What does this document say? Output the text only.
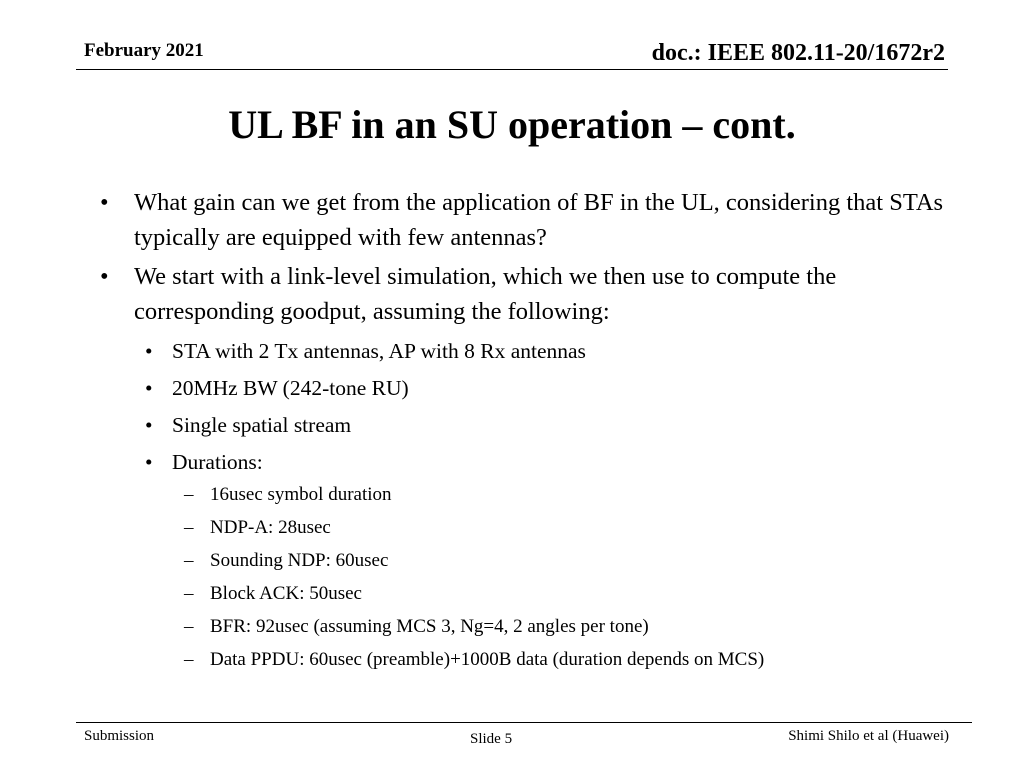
February 2021	doc.: IEEE 802.11-20/1672r2
UL BF in an SU operation – cont.
• What gain can we get from the application of BF in the UL, considering that STAs typically are equipped with few antennas?
• We start with a link-level simulation, which we then use to compute the corresponding goodput, assuming the following:
• STA with 2 Tx antennas, AP with 8 Rx antennas
• 20MHz BW (242-tone RU)
• Single spatial stream
• Durations:
– 16usec symbol duration
– NDP-A: 28usec
– Sounding NDP: 60usec
– Block ACK: 50usec
– BFR: 92usec (assuming MCS 3, Ng=4, 2 angles per tone)
– Data PPDU: 60usec (preamble)+1000B data (duration depends on MCS)
Submission	Slide 5	Shimi Shilo et al (Huawei)
